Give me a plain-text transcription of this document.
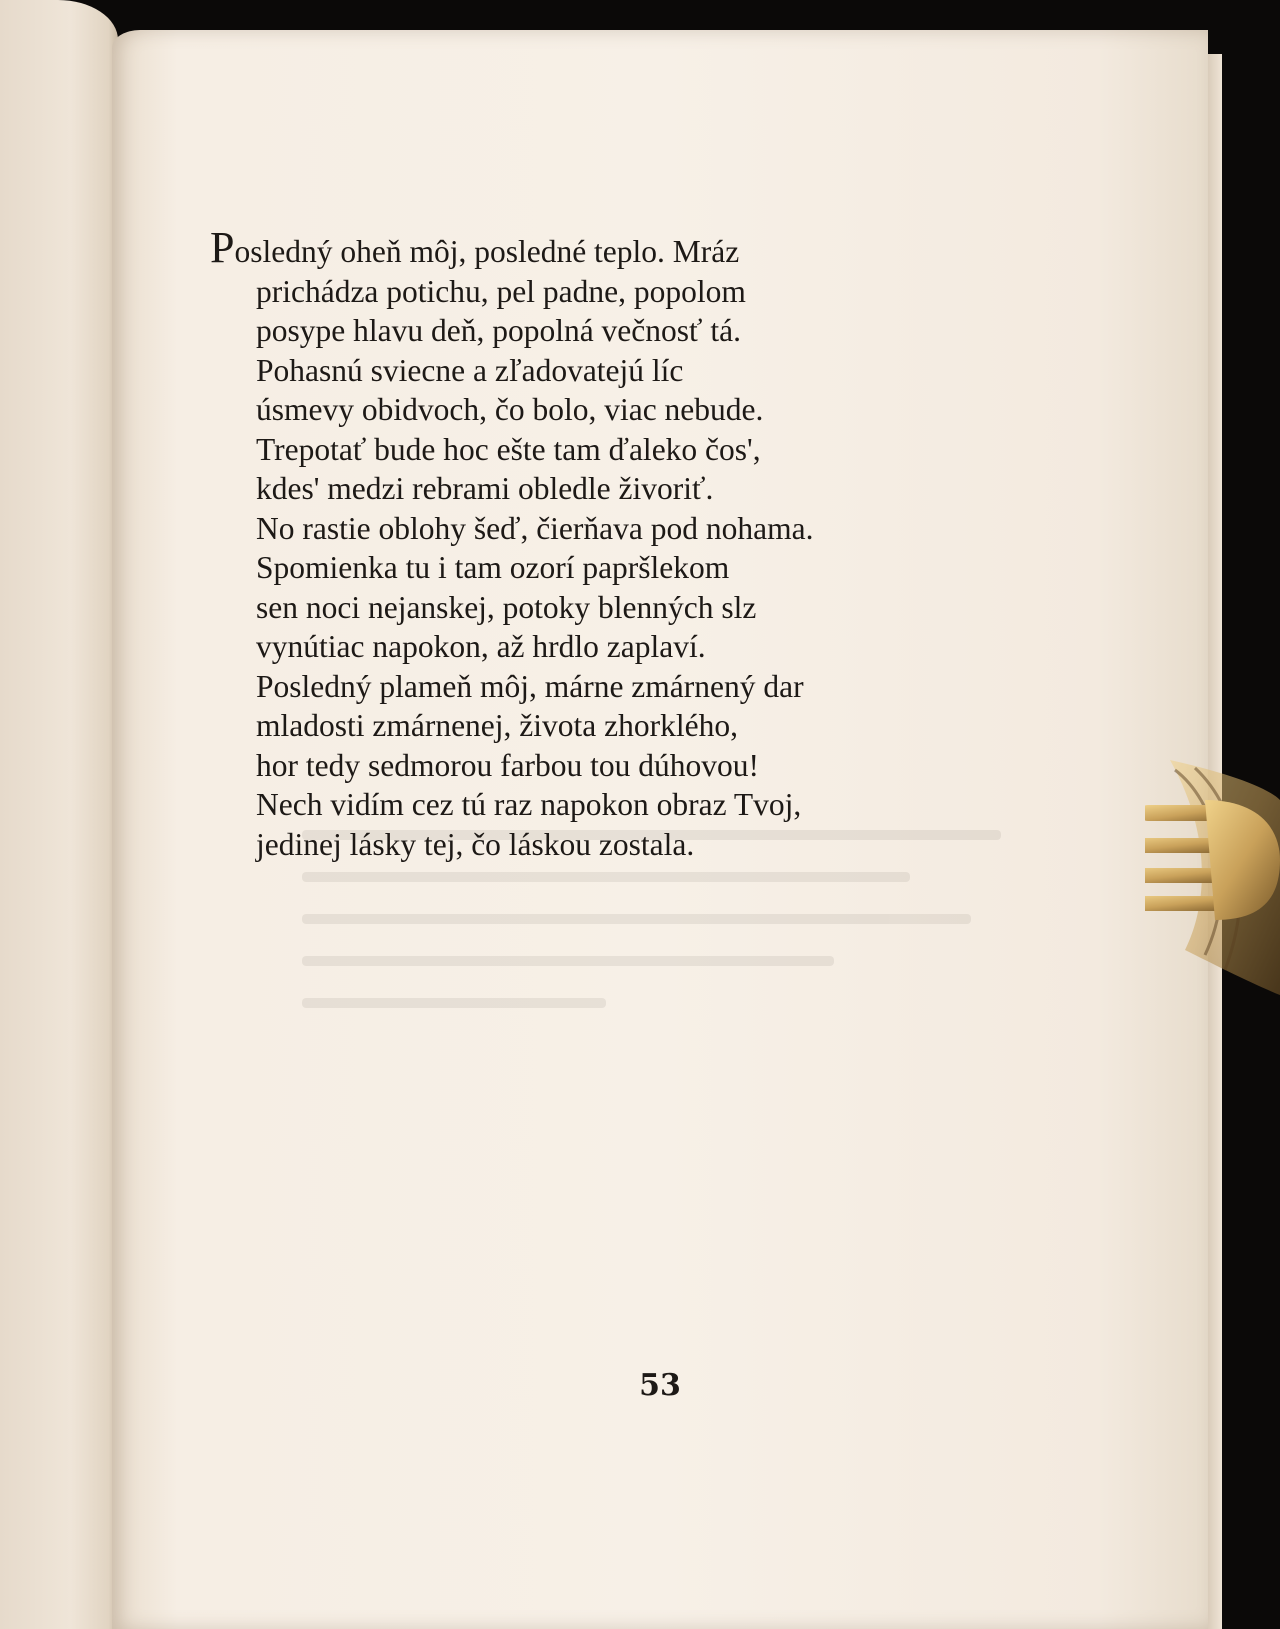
Posledný oheň môj, posledné teplo. Mráz
prichádza potichu, pel padne, popolom
posype hlavu deň, popolná večnosť tá.
Pohasnú sviecne a zľadovatejú líc
úsmevy obidvoch, čo bolo, viac nebude.
Trepotať bude hoc ešte tam ďaleko čos',
kdes' medzi rebrami obledle živoriť.
No rastie oblohy šeď, čierňava pod nohama.
Spomienka tu i tam ozorí papršlekom
sen noci nejanskej, potoky blenných slz
vynútiac napokon, až hrdlo zaplaví.
Posledný plameň môj, márne zmárnený dar
mladosti zmárnenej, života zhorklého,
hor tedy sedmorou farbou tou dúhovou!
Nech vidím cez tú raz napokon obraz Tvoj,
jedinej lásky tej, čo láskou zostala.
53
